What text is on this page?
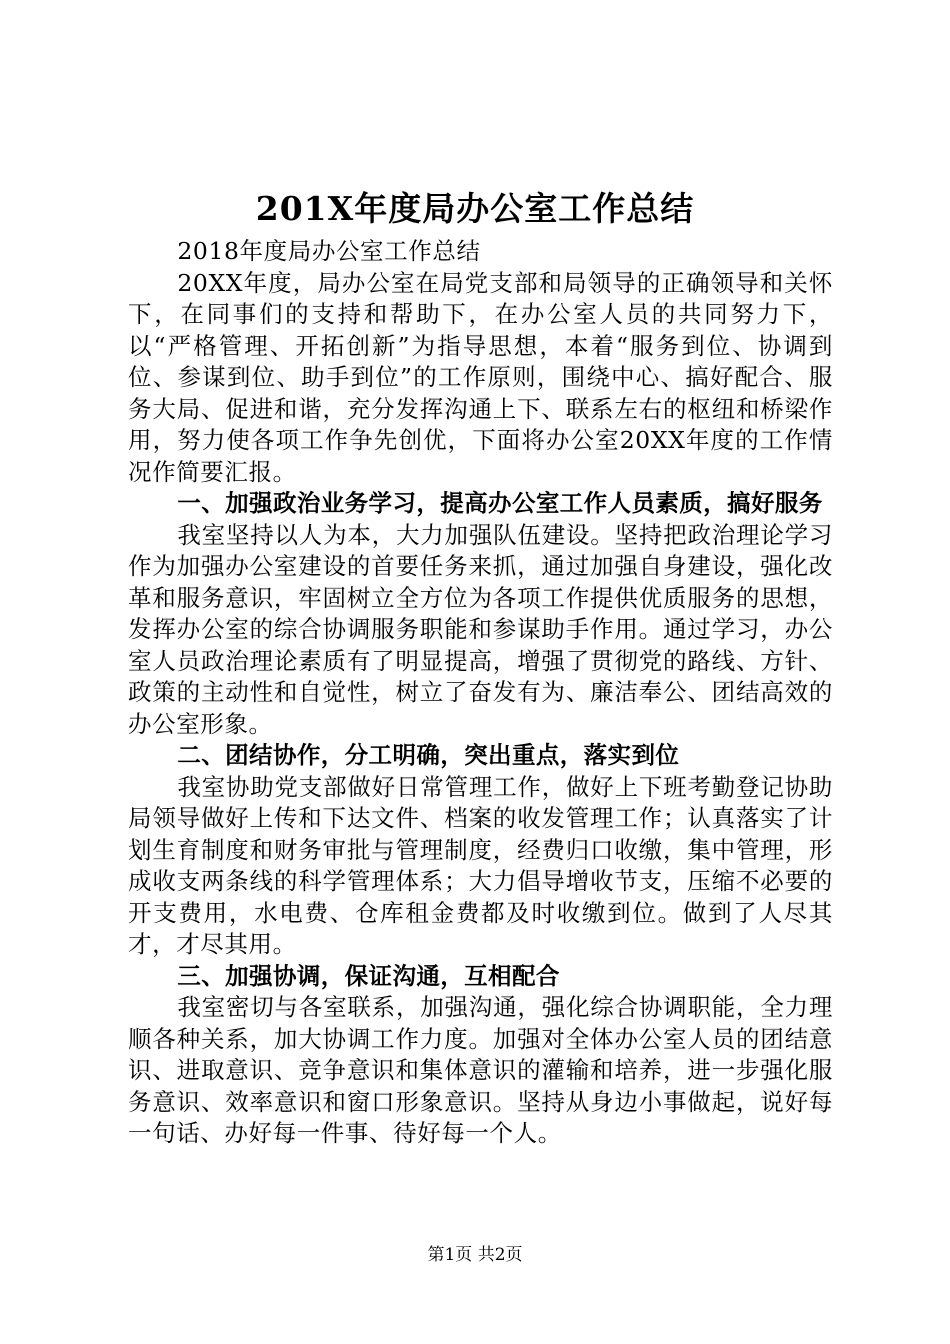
201X年度局办公室工作总结

2018年度局办公室工作总结

20XX年度，局办公室在局党支部和局领导的正确领导和关怀下，在同事们的支持和帮助下，在办公室人员的共同努力下，以“严格管理、开拓创新”为指导思想，本着“服务到位、协调到位、参谋到位、助手到位”的工作原则，围绕中心、搞好配合、服务大局、促进和谐，充分发挥沟通上下、联系左右的枢纽和桥梁作用，努力使各项工作争先创优，下面将办公室20XX年度的工作情况作简要汇报。

一、加强政治业务学习，提高办公室工作人员素质，搞好服务

我室坚持以人为本，大力加强队伍建设。坚持把政治理论学习作为加强办公室建设的首要任务来抓，通过加强自身建设，强化改革和服务意识，牢固树立全方位为各项工作提供优质服务的思想，发挥办公室的综合协调服务职能和参谋助手作用。通过学习，办公室人员政治理论素质有了明显提高，增强了贯彻党的路线、方针、政策的主动性和自觉性，树立了奋发有为、廉洁奉公、团结高效的办公室形象。

二、团结协作，分工明确，突出重点，落实到位

我室协助党支部做好日常管理工作，做好上下班考勤登记协助局领导做好上传和下达文件、档案的收发管理工作；认真落实了计划生育制度和财务审批与管理制度，经费归口收缴，集中管理，形成收支两条线的科学管理体系；大力倡导增收节支，压缩不必要的开支费用，水电费、仓库租金费都及时收缴到位。做到了人尽其才，才尽其用。

三、加强协调，保证沟通，互相配合

我室密切与各室联系，加强沟通，强化综合协调职能，全力理顺各种关系，加大协调工作力度。加强对全体办公室人员的团结意识、进取意识、竞争意识和集体意识的灌输和培养，进一步强化服务意识、效率意识和窗口形象意识。坚持从身边小事做起，说好每一句话、办好每一件事、待好每一个人。

第1页 共2页
